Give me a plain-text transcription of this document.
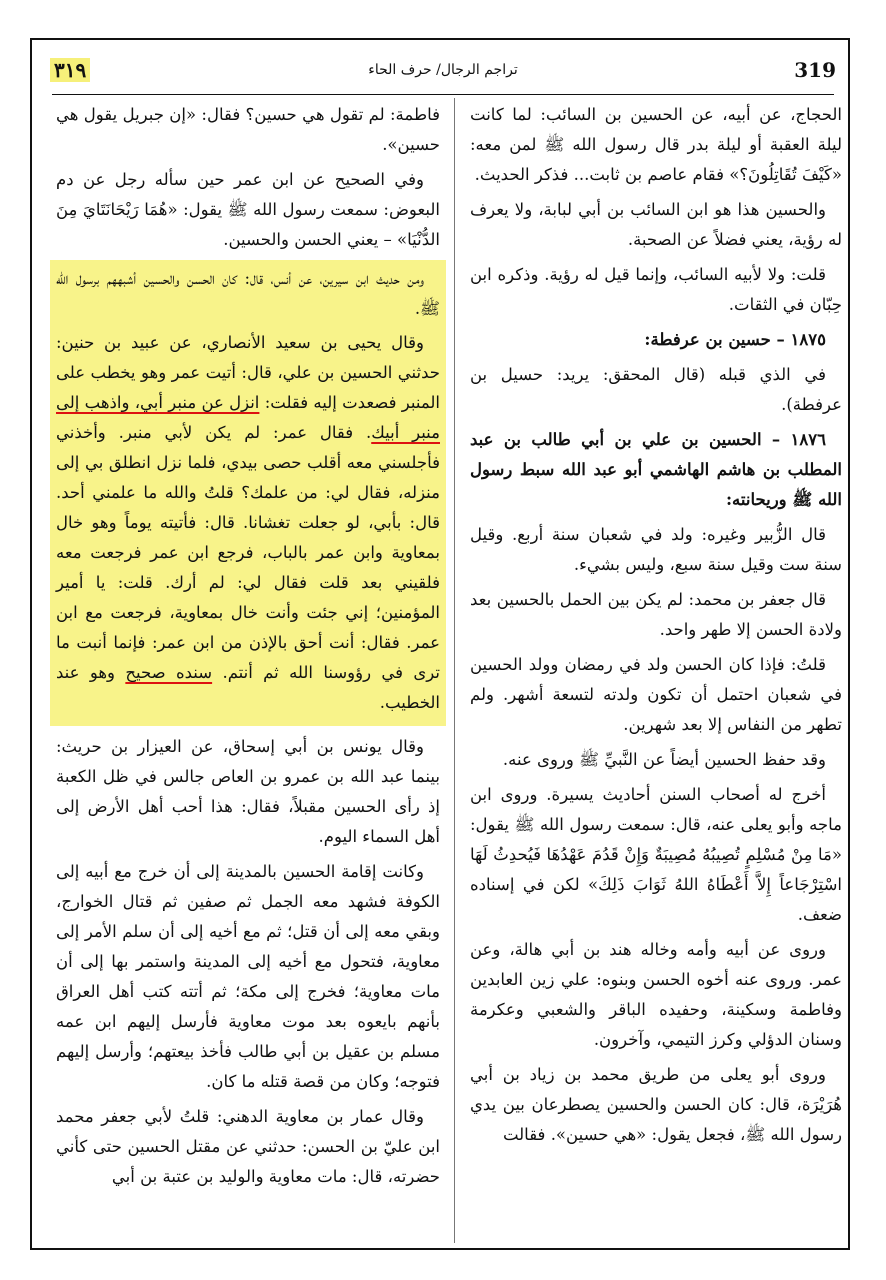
319
تراجم الرجال/ حرف الحاء
٣١٩

الحجاج، عن أبيه، عن الحسين بن السائب: لما كانت ليلة العقبة أو ليلة بدر قال رسول الله ﷺ لمن معه: «كَيْفَ تُقَاتِلُونَ؟» فقام عاصم بن ثابت... فذكر الحديث.

والحسين هذا هو ابن السائب بن أبي لبابة، ولا يعرف له رؤية، يعني فضلاً عن الصحبة.

قلت: ولا لأبيه السائب، وإنما قيل له رؤية. وذكره ابن حِبّان في الثقات.

١٨٧٥ – حسين بن عرفطة:

في الذي قبله (قال المحقق: يريد: حسيل بن عرفطة).

١٨٧٦ – الحسين بن علي بن أبي طالب بن عبد المطلب بن هاشم الهاشمي أبو عبد الله سبط رسول الله ﷺ وريحانته:

قال الزُّبير وغيره: ولد في شعبان سنة أربع. وقيل سنة ست وقيل سنة سبع، وليس بشيء.

قال جعفر بن محمد: لم يكن بين الحمل بالحسين بعد ولادة الحسن إلا طهر واحد.

قلتُ: فإذا كان الحسن ولد في رمضان وولد الحسين في شعبان احتمل أن تكون ولدته لتسعة أشهر. ولم تطهر من النفاس إلا بعد شهرين.

وقد حفظ الحسين أيضاً عن النَّبيِّ ﷺ وروى عنه.

أخرج له أصحاب السنن أحاديث يسيرة. وروى ابن ماجه وأبو يعلى عنه، قال: سمعت رسول الله ﷺ يقول: «مَا مِنْ مُسْلِمٍ تُصِيبُهُ مُصِيبَةٌ وَإِنْ قَدُمَ عَهْدُهَا فَيُحدِثُ لَهَا اسْتِرْجَاعاً إِلاَّ أَعْطَاهُ اللهُ ثَوَابَ ذَلِكَ» لكن في إسناده ضعف.

وروى عن أبيه وأمه وخاله هند بن أبي هالة، وعن عمر. وروى عنه أخوه الحسن وبنوه: علي زين العابدين وفاطمة وسكينة، وحفيده الباقر والشعبي وعكرمة وسنان الدؤلي وكرز التيمي، وآخرون.

وروى أبو يعلى من طريق محمد بن زياد بن أبي هُرَيْرَة، قال: كان الحسن والحسين يصطرعان بين يدي رسول الله ﷺ، فجعل يقول: «هي حسين». فقالت

فاطمة: لم تقول هي حسين؟ فقال: «إن جبريل يقول هي حسين».

وفي الصحيح عن ابن عمر حين سأله رجل عن دم البعوض: سمعت رسول الله ﷺ يقول: «هُمَا رَيْحَانَتَايَ مِنَ الدُّنْيَا» – يعني الحسن والحسين.

ومن حديث ابن سيرين، عن أنس، قال: كان الحسن والحسين أشبههم برسول الله ﷺ.

وقال يحيى بن سعيد الأنصاري، عن عبيد بن حنين: حدثني الحسين بن علي، قال: أتيت عمر وهو يخطب على المنبر فصعدت إليه فقلت: انزل عن منبر أبي، واذهب إلى منبر أبيك. فقال عمر: لم يكن لأبي منبر. وأخذني فأجلسني معه أقلب حصى بيدي، فلما نزل انطلق بي إلى منزله، فقال لي: من علمك؟ قلتُ والله ما علمني أحد. قال: بأبي، لو جعلت تغشانا. قال: فأتيته يوماً وهو خال بمعاوية وابن عمر بالباب، فرجع ابن عمر فرجعت معه فلقيني بعد قلت فقال لي: لم أرك. قلت: يا أمير المؤمنين؛ إني جئت وأنت خال بمعاوية، فرجعت مع ابن عمر. فقال: أنت أحق بالإذن من ابن عمر: فإنما أنبت ما ترى في رؤوسنا الله ثم أنتم. سنده صحيح وهو عند الخطيب.

وقال يونس بن أبي إسحاق، عن العيزار بن حريث: بينما عبد الله بن عمرو بن العاص جالس في ظل الكعبة إذ رأى الحسين مقبلاً، فقال: هذا أحب أهل الأرض إلى أهل السماء اليوم.

وكانت إقامة الحسين بالمدينة إلى أن خرج مع أبيه إلى الكوفة فشهد معه الجمل ثم صفين ثم قتال الخوارج، وبقي معه إلى أن قتل؛ ثم مع أخيه إلى أن سلم الأمر إلى معاوية، فتحول مع أخيه إلى المدينة واستمر بها إلى أن مات معاوية؛ فخرج إلى مكة؛ ثم أتته كتب أهل العراق بأنهم بايعوه بعد موت معاوية فأرسل إليهم ابن عمه مسلم بن عقيل بن أبي طالب فأخذ بيعتهم؛ وأرسل إليهم فتوجه؛ وكان من قصة قتله ما كان.

وقال عمار بن معاوية الدهني: قلتُ لأبي جعفر محمد ابن عليّ بن الحسن: حدثني عن مقتل الحسين حتى كأني حضرته، قال: مات معاوية والوليد بن عتبة بن أبي
